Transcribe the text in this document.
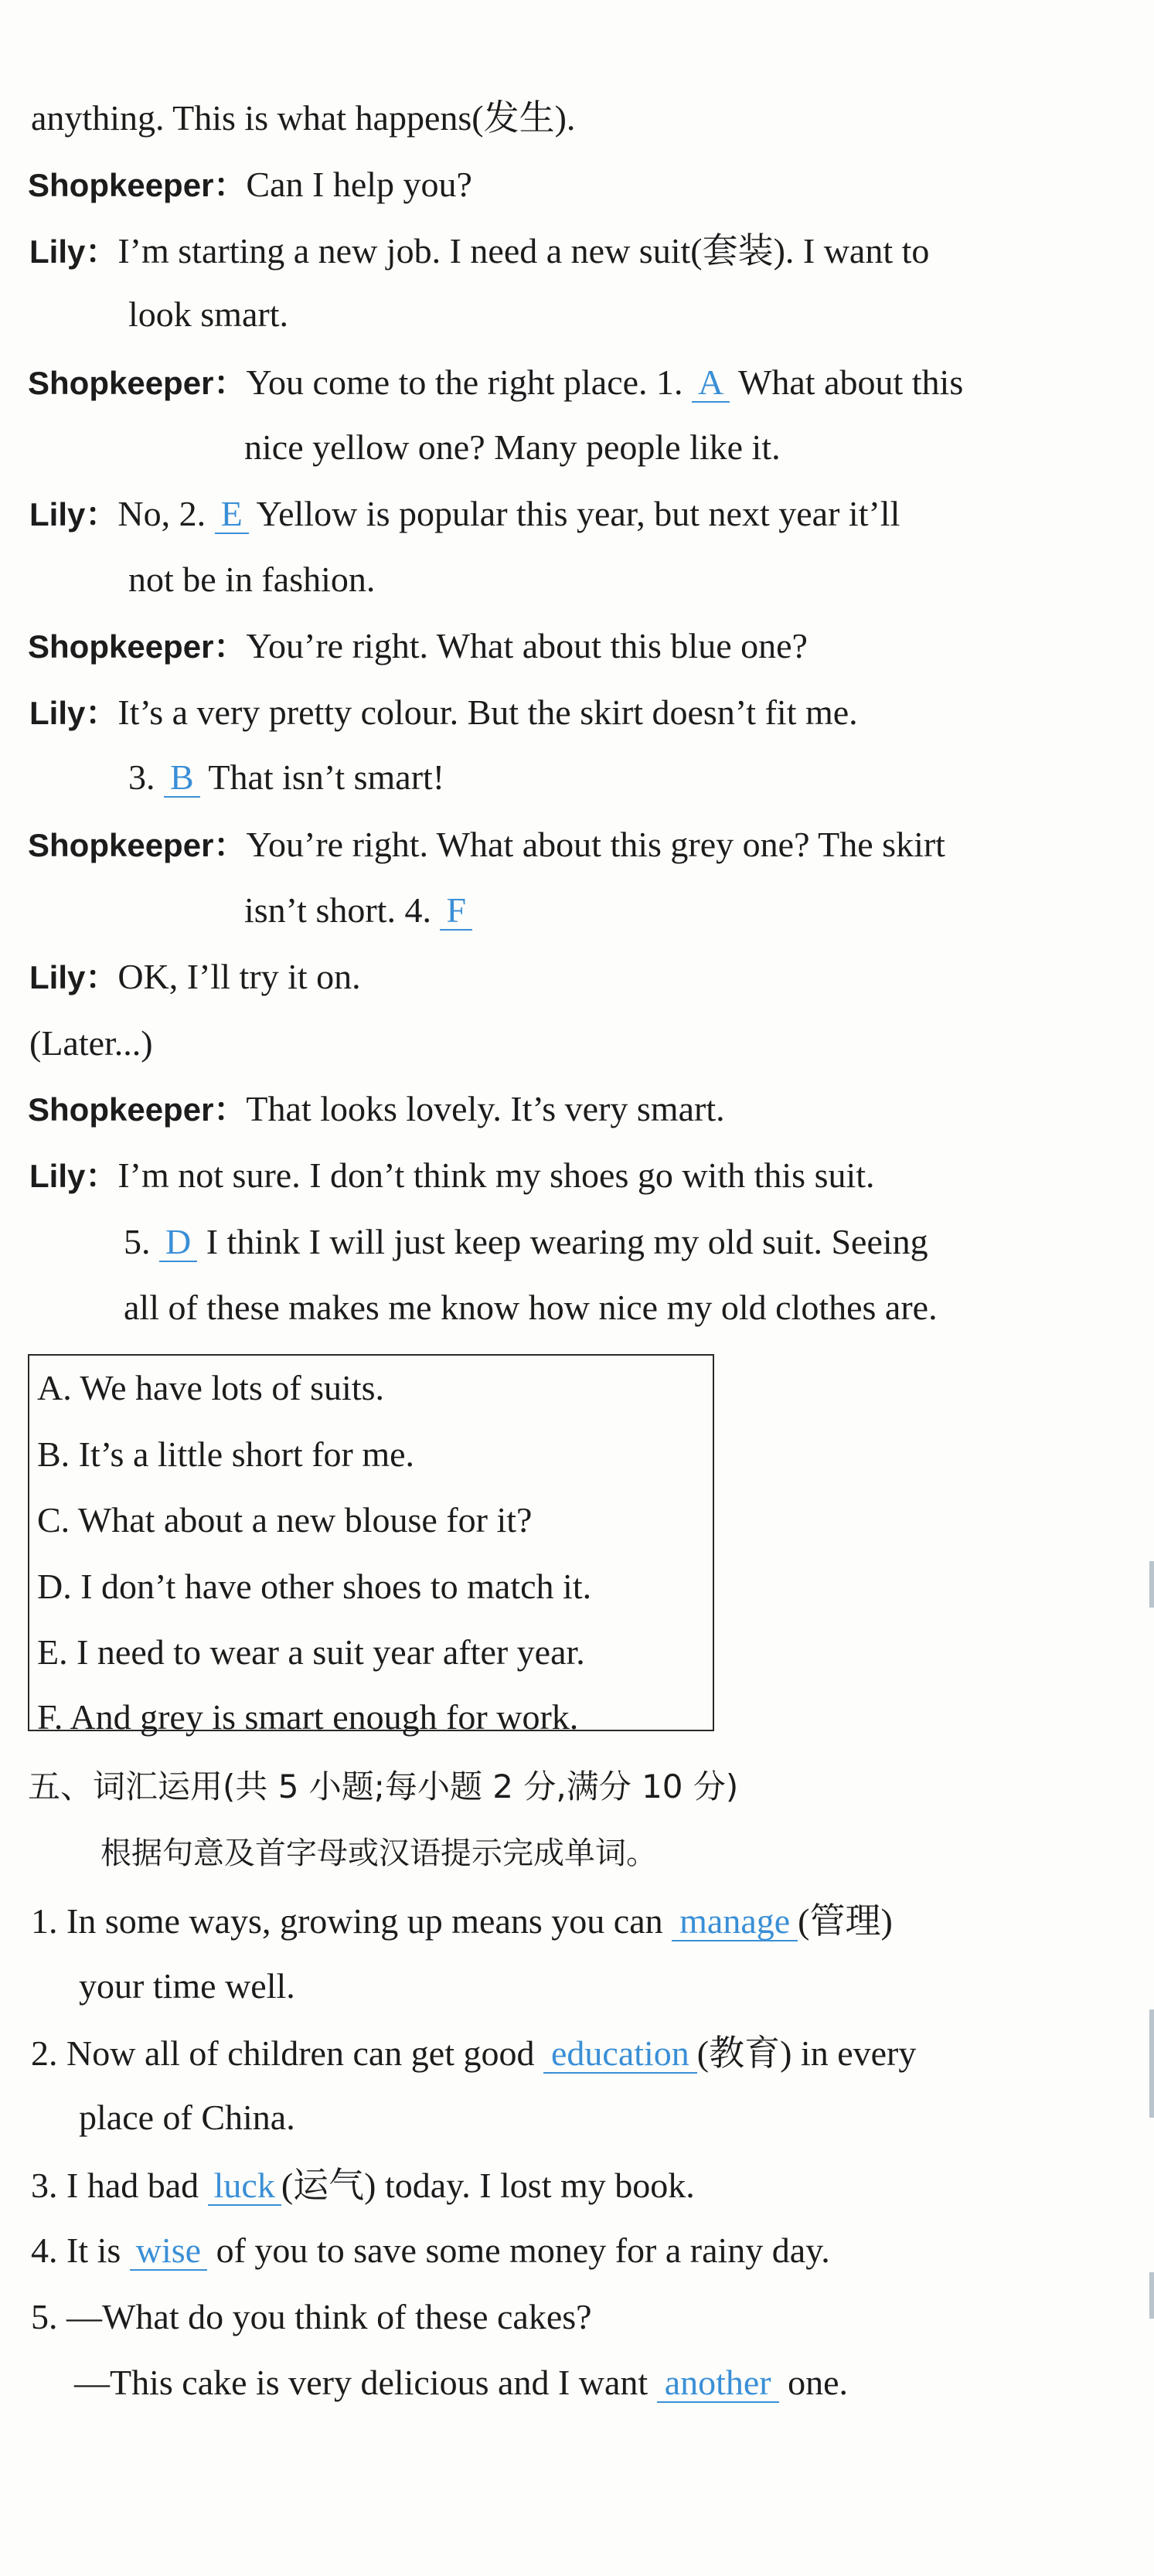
anything. This is what happens(发生).
Shopkeeper：Can I help you?
Lily：I’m starting a new job. I need a new suit(套装). I want to
look smart.
Shopkeeper：You come to the right place. 1. A What about this
nice yellow one? Many people like it.
Lily：No, 2. E Yellow is popular this year, but next year it’ll
not be in fashion.
Shopkeeper：You’re right. What about this blue one?
Lily：It’s a very pretty colour. But the skirt doesn’t fit me.
3. B That isn’t smart!
Shopkeeper：You’re right. What about this grey one? The skirt
isn’t short. 4. F
Lily：OK, I’ll try it on.
(Later...)
Shopkeeper：That looks lovely. It’s very smart.
Lily：I’m not sure. I don’t think my shoes go with this suit.
5. D I think I will just keep wearing my old suit. Seeing
all of these makes me know how nice my old clothes are.
A. We have lots of suits.
B. It’s a little short for me.
C. What about a new blouse for it?
D. I don’t have other shoes to match it.
E. I need to wear a suit year after year.
F. And grey is smart enough for work.
五、词汇运用(共 5 小题;每小题 2 分,满分 10 分)
根据句意及首字母或汉语提示完成单词。
1. In some ways, growing up means you can manage (管理)
your time well.
2. Now all of children can get good education (教育) in every
place of China.
3. I had bad luck (运气) today. I lost my book.
4. It is wise of you to save some money for a rainy day.
5. —What do you think of these cakes?
—This cake is very delicious and I want another one.
